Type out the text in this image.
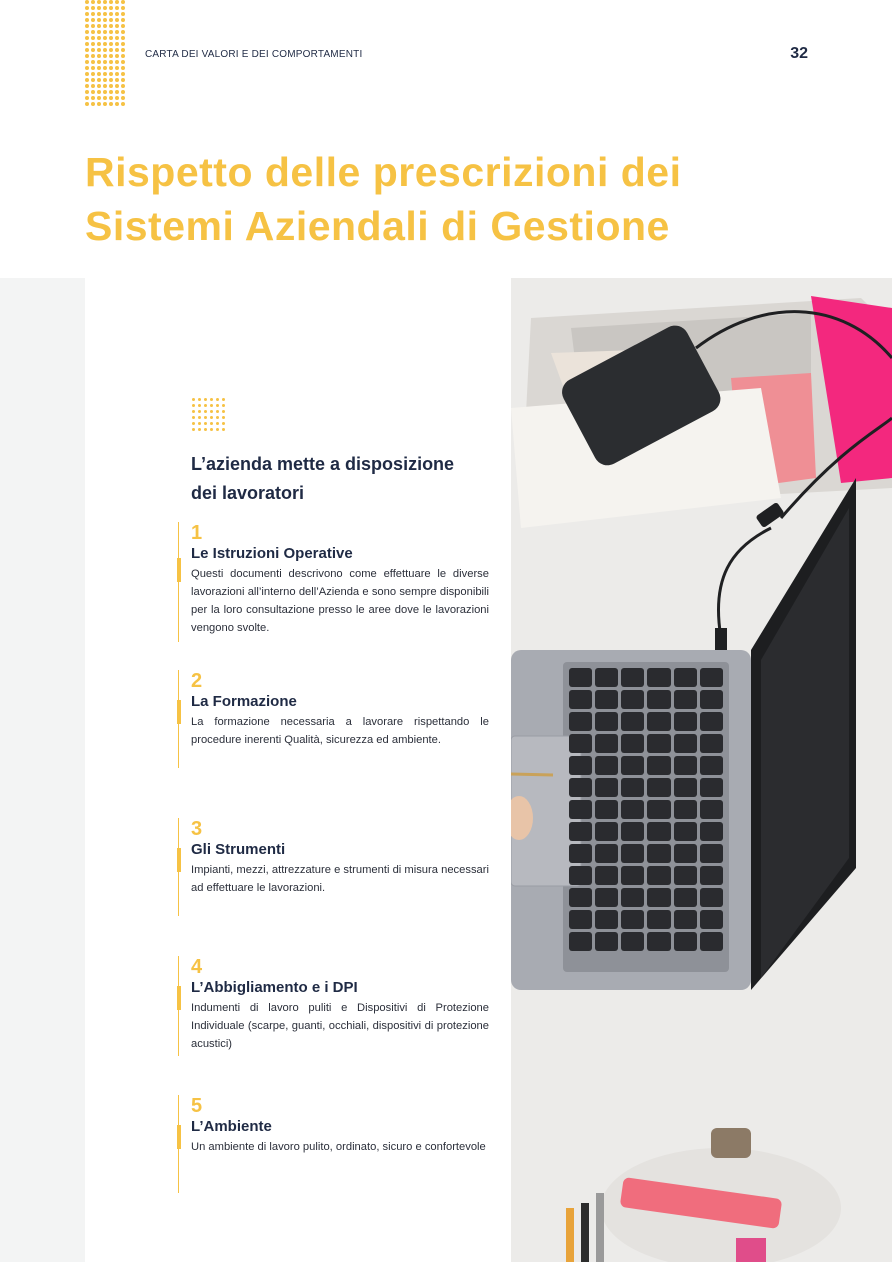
CARTA DEI VALORI E DEI COMPORTAMENTI	32
Rispetto delle prescrizioni dei
Sistemi Aziendali di Gestione
L’azienda mette a disposizione
dei lavoratori
1
Le Istruzioni Operative
Questi documenti descrivono come effettuare le diverse lavorazioni all’interno dell’Azienda e sono sempre disponibili per la loro consultazione presso le aree dove le lavorazioni vengono svolte.
2
La Formazione
La formazione necessaria a lavorare rispettando le procedure inerenti Qualità, sicurezza ed ambiente.
3
Gli Strumenti
Impianti, mezzi, attrezzature e strumenti di misura necessari ad effettuare le lavorazioni.
4
L’Abbigliamento e i DPI
Indumenti di lavoro puliti e Dispositivi di Protezione Individuale (scarpe, guanti, occhiali, dispositivi di protezione acustici)
5
L’Ambiente
Un ambiente di lavoro pulito, ordinato, sicuro e confortevole
